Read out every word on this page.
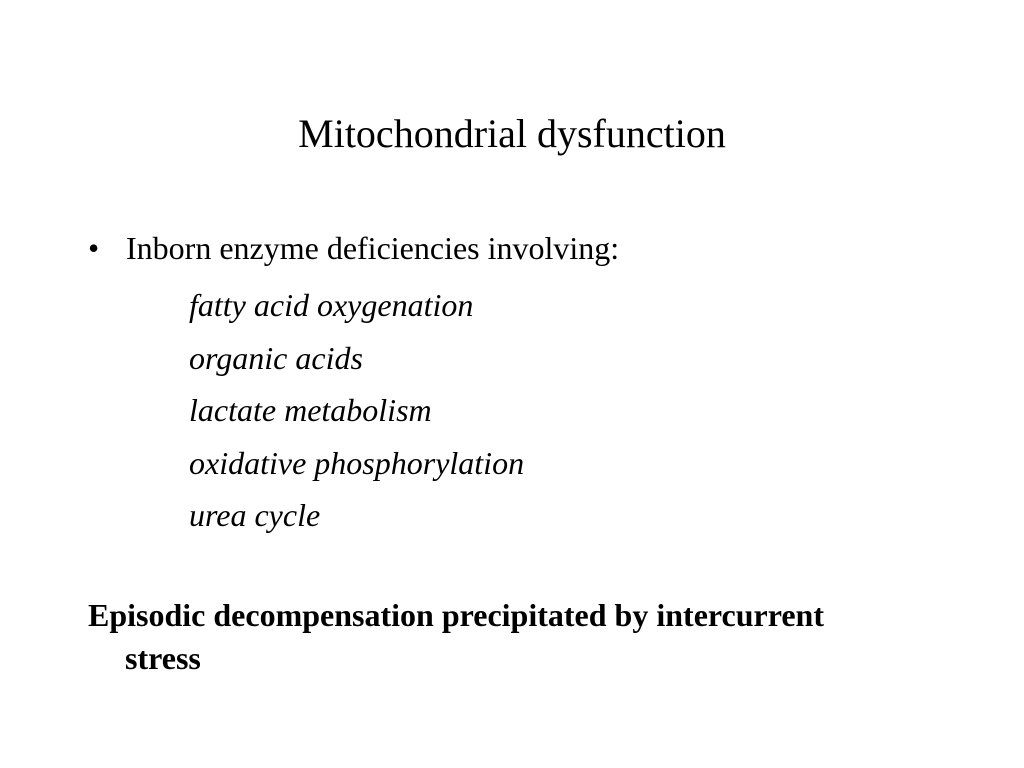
Mitochondrial dysfunction
• Inborn enzyme deficiencies involving:
fatty acid oxygenation
organic acids
lactate metabolism
oxidative phosphorylation
urea cycle
Episodic decompensation precipitated by intercurrent stress
